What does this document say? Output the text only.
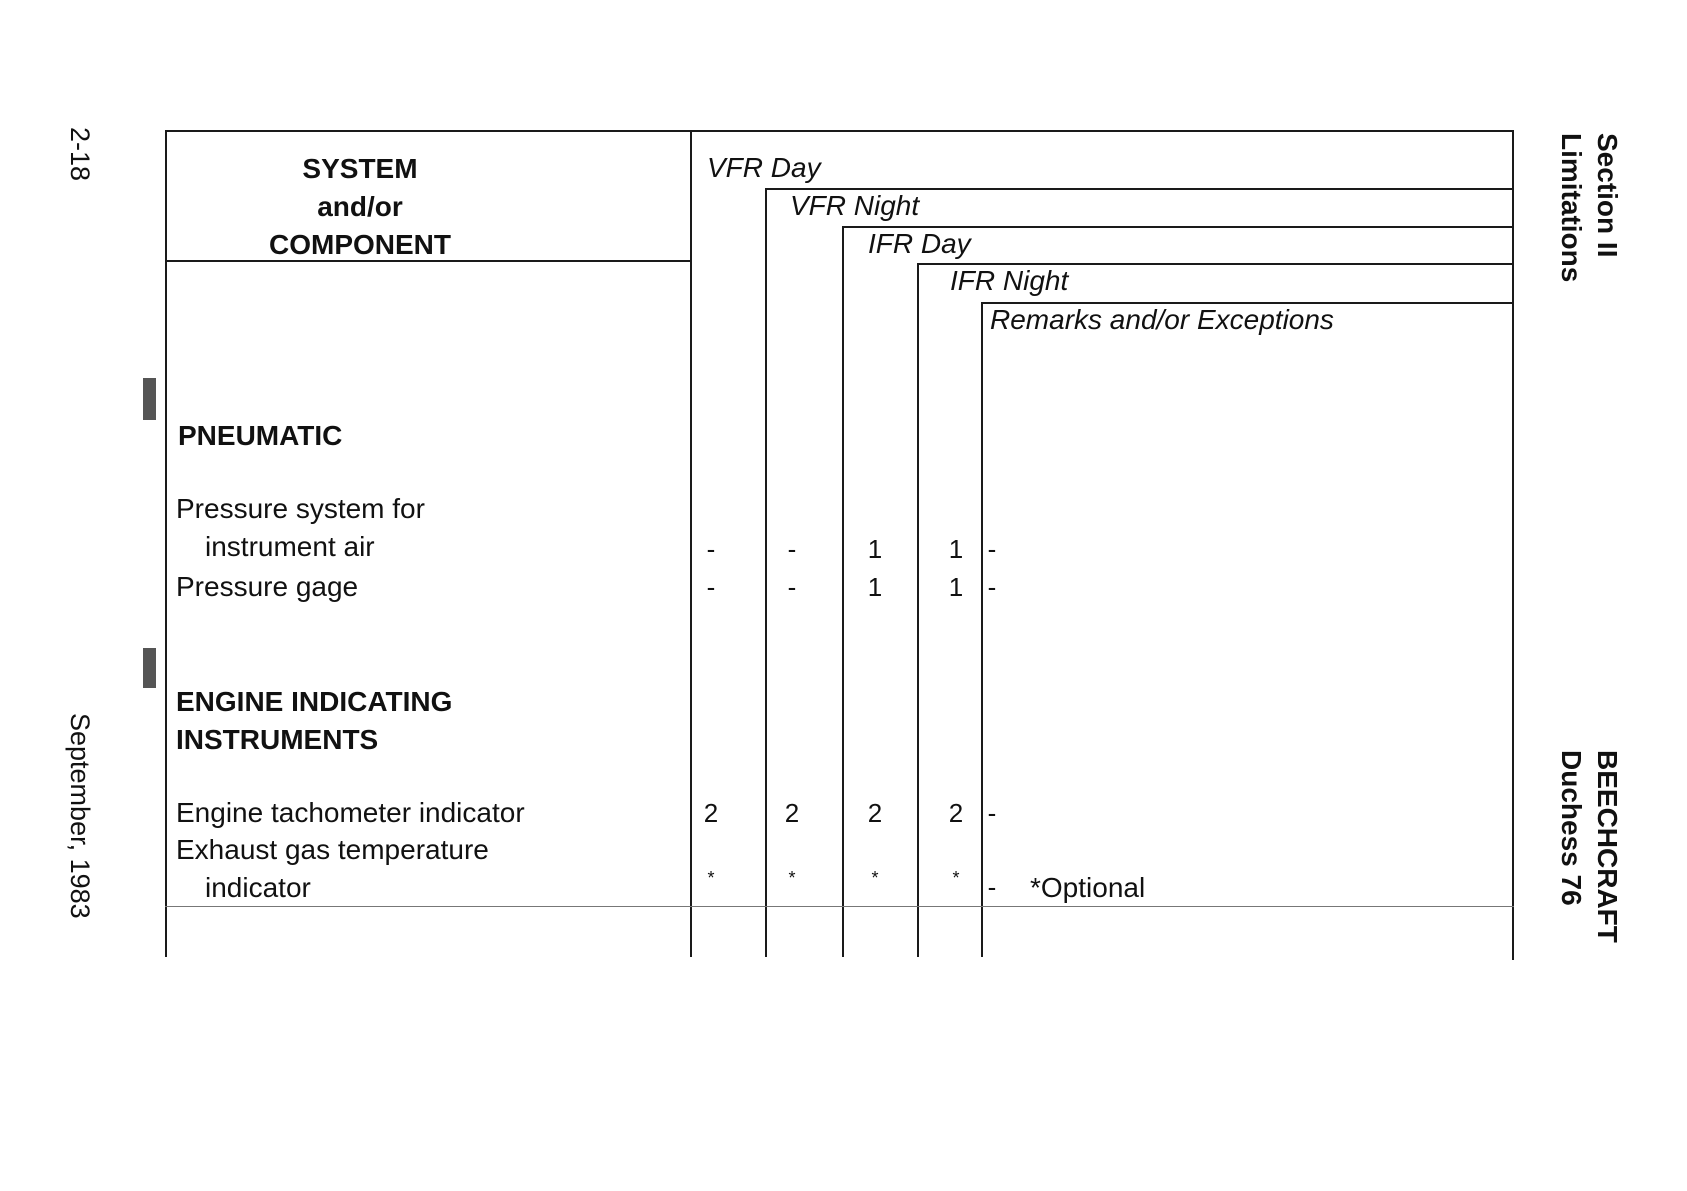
2-18
September, 1983
Section II
Limitations
BEECHCRAFT
Duchess 76
SYSTEM
and/or
COMPONENT
VFR Day
VFR Night
IFR Day
IFR Night
Remarks and/or Exceptions
PNEUMATIC
Pressure system for
instrument air	-	-	1	1 -
Pressure gage	-	-	1	1 -
ENGINE INDICATING
INSTRUMENTS
Engine tachometer indicator	2	2	2	2 -
Exhaust gas temperature
indicator	*	*	*	*	- *Optional
